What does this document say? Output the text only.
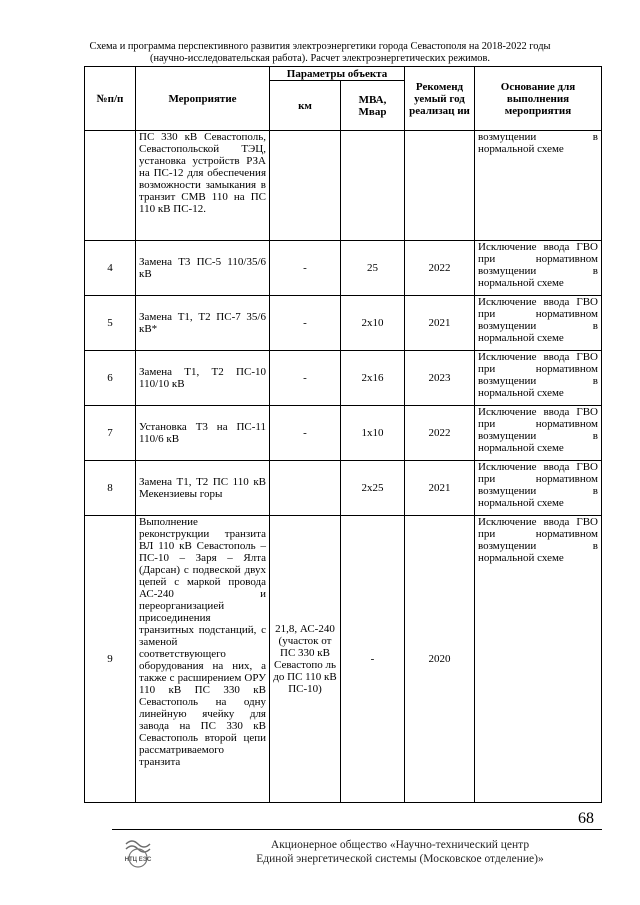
Схема и программа перспективного развития электроэнергетики города Севастополя на 2018-2022 годы
(научно-исследовательская работа). Расчет электроэнергетических режимов.
№п/п	Мероприятие	Параметры объекта		Рекоменд уемый год реализац ии	Основание для выполнения мероприятия
		км	МВА, Мвар		
	ПС 330 кВ Севастополь, Севастопольской ТЭЦ, установка устройств РЗА на ПС-12 для обеспечения возможности замыкания в транзит СМВ 110 на ПС 110 кВ ПС-12.				возмущении в нормальной схеме
4	Замена Т3 ПС-5 110/35/6 кВ	-	25	2022	Исключение ввода ГВО при нормативном возмущении в нормальной схеме
5	Замена Т1, Т2 ПС-7 35/6 кВ*	-	2х10	2021	Исключение ввода ГВО при нормативном возмущении в нормальной схеме
6	Замена Т1, Т2 ПС-10 110/10 кВ	-	2х16	2023	Исключение ввода ГВО при нормативном возмущении в нормальной схеме
7	Установка Т3 на ПС-11 110/6 кВ	-	1х10	2022	Исключение ввода ГВО при нормативном возмущении в нормальной схеме
8	Замена Т1, Т2 ПС 110 кВ Мекензиевы горы		2х25	2021	Исключение ввода ГВО при нормативном возмущении в нормальной схеме
9	Выполнение реконструкции транзита ВЛ 110 кВ Севастополь – ПС-10 – Заря – Ялта (Дарсан) с подвеской двух цепей с маркой провода АС-240 и переорганизацией присоединения транзитных подстанций, с заменой соответствующего оборудования на них, а также с расширением ОРУ 110 кВ ПС 330 кВ Севастополь на одну линейную ячейку для завода на ПС 330 кВ Севастополь второй цепи рассматриваемого транзита	21,8, АС-240 (участок от ПС 330 кВ Севастопо ль до ПС 110 кВ ПС-10)	-	2020	Исключение ввода ГВО при нормативном возмущении в нормальной схеме
68
НТЦ ЕЭС
Акционерное общество «Научно-технический центр
Единой энергетической системы (Московское отделение)»
